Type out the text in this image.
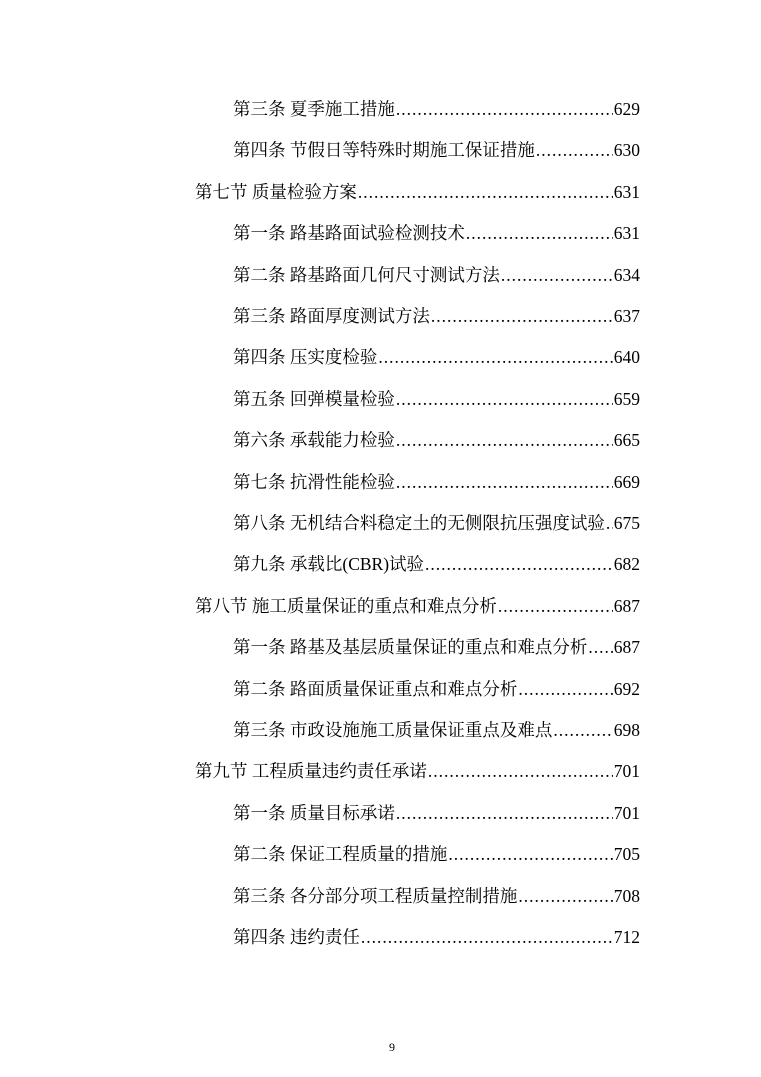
第三条 夏季施工措施 .....	629
第四条 节假日等特殊时期施工保证措施 .....	630
第七节 质量检验方案 .....	631
第一条 路基路面试验检测技术 .....	631
第二条 路基路面几何尺寸测试方法 .....	634
第三条 路面厚度测试方法 .....	637
第四条 压实度检验 .....	640
第五条 回弹模量检验 .....	659
第六条 承载能力检验 .....	665
第七条 抗滑性能检验 .....	669
第八条 无机结合料稳定土的无侧限抗压强度试验 ..... 675
第九条 承载比(CBR)试验 .....	682
第八节 施工质量保证的重点和难点分析 .....	687
第一条 路基及基层质量保证的重点和难点分析 ..... 687
第二条 路面质量保证重点和难点分析 .....	692
第三条 市政设施施工质量保证重点及难点 .....	698
第九节 工程质量违约责任承诺 .....	701
第一条 质量目标承诺 .....	701
第二条 保证工程质量的措施 .....	705
第三条 各分部分项工程质量控制措施 .....	708
第四条 违约责任 .....	712
9
